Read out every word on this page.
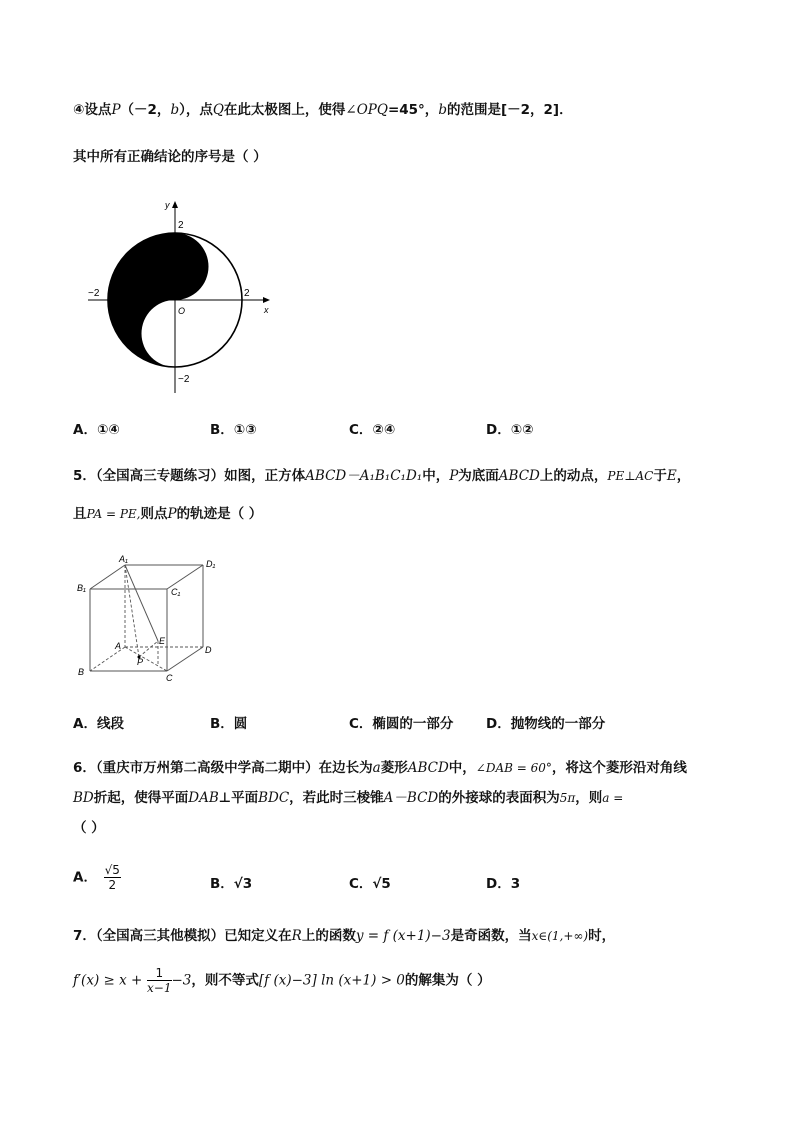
④设点P（－2，b），点Q在此太极图上，使得∠OPQ=45°，b的范围是[－2，2]．
其中所有正确结论的序号是（ ）
y
x
O
2
2
−2
−2
A．①④	B．①③	C．②④	D．①②
5．（全国高三专题练习）如图，正方体ABCD－A₁B₁C₁D₁中，P为底面ABCD上的动点，PE⊥AC于E，
且PA = PE,则点P的轨迹是（ ）
A₁	D₁
B₁	C₁
A	E
D
B
C
P
A．线段	B．圆	C．椭圆的一部分 D．抛物线的一部分
6．（重庆市万州第二高级中学高二期中）在边长为a菱形ABCD中，∠DAB = 60°，将这个菱形沿对角线
BD折起，使得平面DAB⊥平面BDC，若此时三棱锥A－BCD的外接球的表面积为5π，则a =
（ ）
A． $\frac{√5}{2}$	B．√3	C．√5	D．3
7．（全国高三其他模拟）已知定义在R上的函数y = f (x+1)−3是奇函数，当x∈(1,+∞)时，
$f'(x) \ge x + \frac{1}{x-1} -3$，则不等式[f (x)−3] ln (x+1) > 0的解集为（ ）
